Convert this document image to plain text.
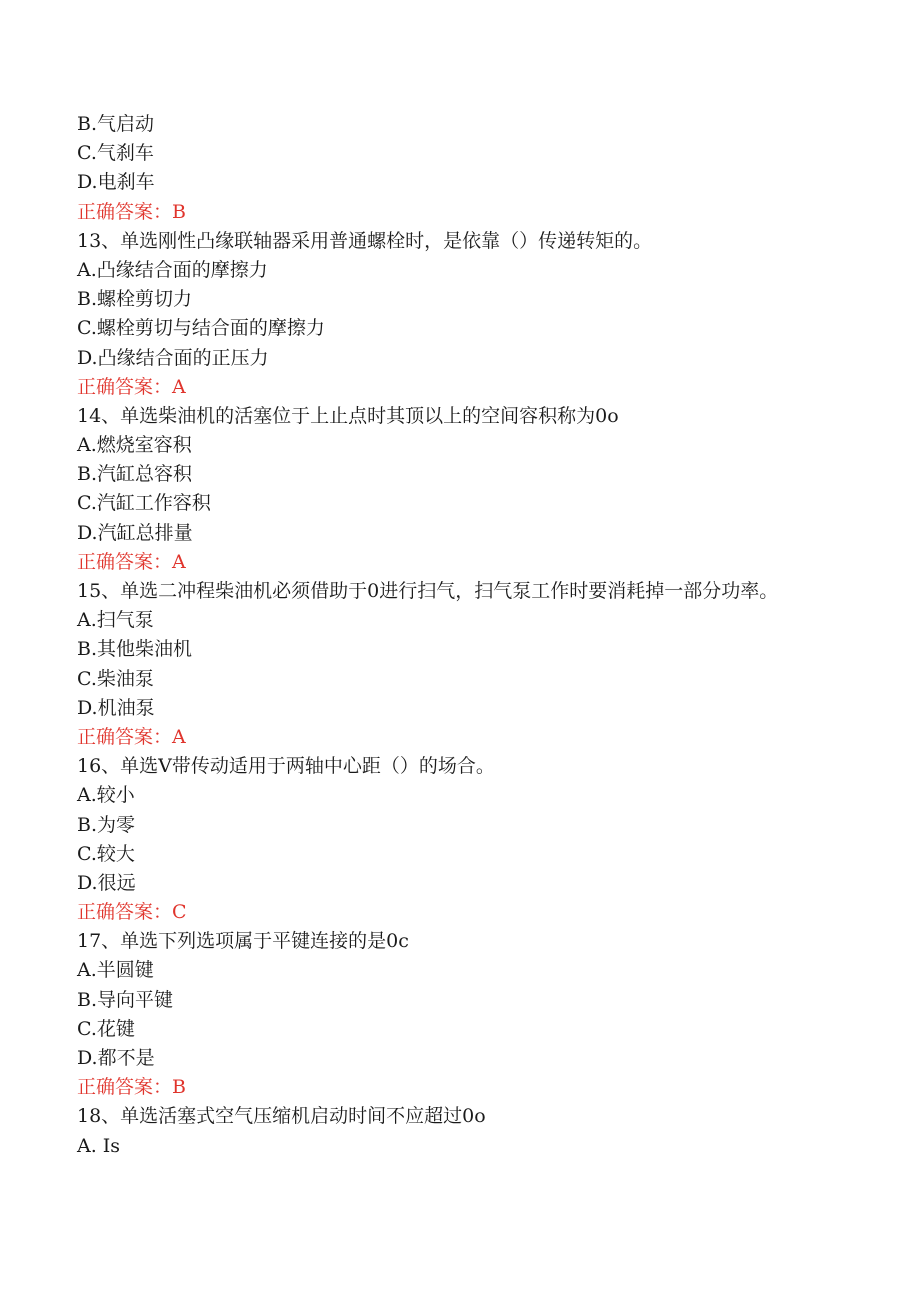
B.气启动
C.气刹车
D.电刹车
正确答案：B
13、单选刚性凸缘联轴器采用普通螺栓时，是依靠（）传递转矩的。
A.凸缘结合面的摩擦力
B.螺栓剪切力
C.螺栓剪切与结合面的摩擦力
D.凸缘结合面的正压力
正确答案：A
14、单选柴油机的活塞位于上止点时其顶以上的空间容积称为0o
A.燃烧室容积
B.汽缸总容积
C.汽缸工作容积
D.汽缸总排量
正确答案：A
15、单选二冲程柴油机必须借助于0进行扫气，扫气泵工作时要消耗掉一部分功率。
A.扫气泵
B.其他柴油机
C.柴油泵
D.机油泵
正确答案：A
16、单选V带传动适用于两轴中心距（）的场合。
A.较小
B.为零
C.较大
D.很远
正确答案：C
17、单选下列选项属于平键连接的是0c
A.半圆键
B.导向平键
C.花键
D.都不是
正确答案：B
18、单选活塞式空气压缩机启动时间不应超过0o
A. Is
